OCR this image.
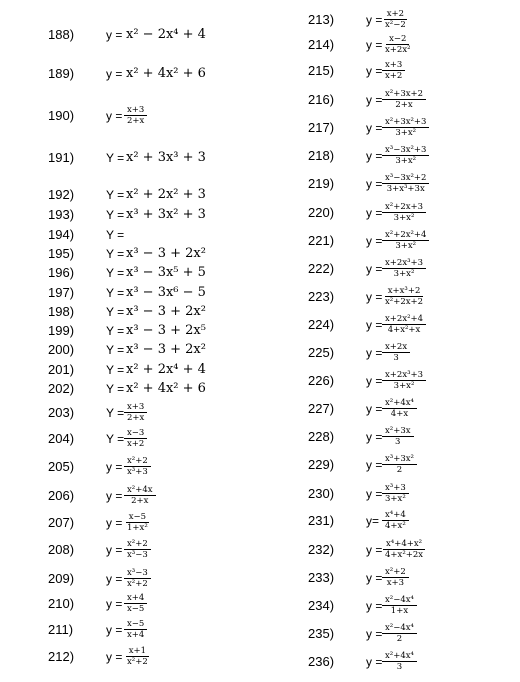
188)	y = x² − 2x⁴ + 4
189)	y = x² + 4x² + 6
190)	$y = \frac{x+3}{2+x}$
191)	Y = x² + 3x³ + 3
192)	Y = x² + 2x² + 3
193)	Y = x³ + 3x² + 3
194)	Y =
195)	Y = x³ − 3 + 2x²
196)	Y = x³ − 3x⁵ + 5
197)	Y = x³ − 3x⁶ − 5
198)	Y = x³ − 3 + 2x²
199)	Y = x³ − 3 + 2x⁵
200)	Y = x³ − 3 + 2x²
201)	Y = x² + 2x⁴ + 4
202)	Y = x² + 4x² + 6
203)	$Y = \frac{x+3}{2+x}$
204)	$Y = \frac{x-3}{x+2}$
205)	$y = \frac{\text{x²+2}}{\text{x³+3}}$
206)	$y = \frac{\text{x²+4x}}{2+x}$
207)	$y = \frac{x-5}{\text{1+x²}}$
208)	$y = \frac{\text{x²+2}}{\text{x³−3}}$
209)	$y = \frac{\text{x³−3}}{\text{x²+2}}$
210)	$y = \frac{x+4}{x-5}$
211)	$y = \frac{x-5}{x+4}$
212)	$y = \frac{x+1}{\text{x²+2}}$
213)	$y = \frac{x+2}{\text{x²−2}}$
214)	$y = \frac{x-2}{\text{x+2x²}}$
215)	$y = \frac{x+3}{x+2}$
216)	$y = \frac{\text{x²+3x+2}}{2+x}$
217)	$y = \frac{\text{x²+3x²+3}}{\text{3+x²}}$
218)	$y = \frac{\text{x³−3x²+3}}{\text{3+x²}}$
219)	$y = \frac{\text{x³−3x²+2}}{\text{3+x³+3x}}$
220)	$y = \frac{\text{x²+2x+3}}{\text{3+x²}}$
221)	$y = \frac{\text{x²+2x²+4}}{\text{3+x²}}$
222)	$y = \frac{\text{x+2x³+3}}{\text{3+x²}}$
223)	$y = \frac{\text{x+x³+2}}{\text{x²+2x+2}}$
224)	$y = \frac{\text{x+2x²+4}}{\text{4+x²+x}}$
225)	$y = \frac{x+2x}{3}$
226)	$y = \frac{\text{x+2x³+3}}{\text{3+x²}}$
227)	$y = \frac{\text{x²+4x⁴}}{4+x}$
228)	$y = \frac{\text{x²+3x}}{3}$
229)	$y = \frac{\text{x³+3x²}}{2}$
230)	$y = \frac{\text{x³+3}}{\text{3+x²}}$
231)	$y= \frac{\text{x⁴+4}}{\text{4+x²}}$
232)	$y = \frac{\text{x⁴+4+x²}}{\text{4+x²+2x}}$
233)	$y = \frac{\text{x²+2}}{x+3}$
234)	$y = \frac{\text{x²−4x⁴}}{1+x}$
235)	$y = \frac{\text{x²−4x⁴}}{2}$
236)	$y = \frac{\text{x²+4x⁴}}{3}$
